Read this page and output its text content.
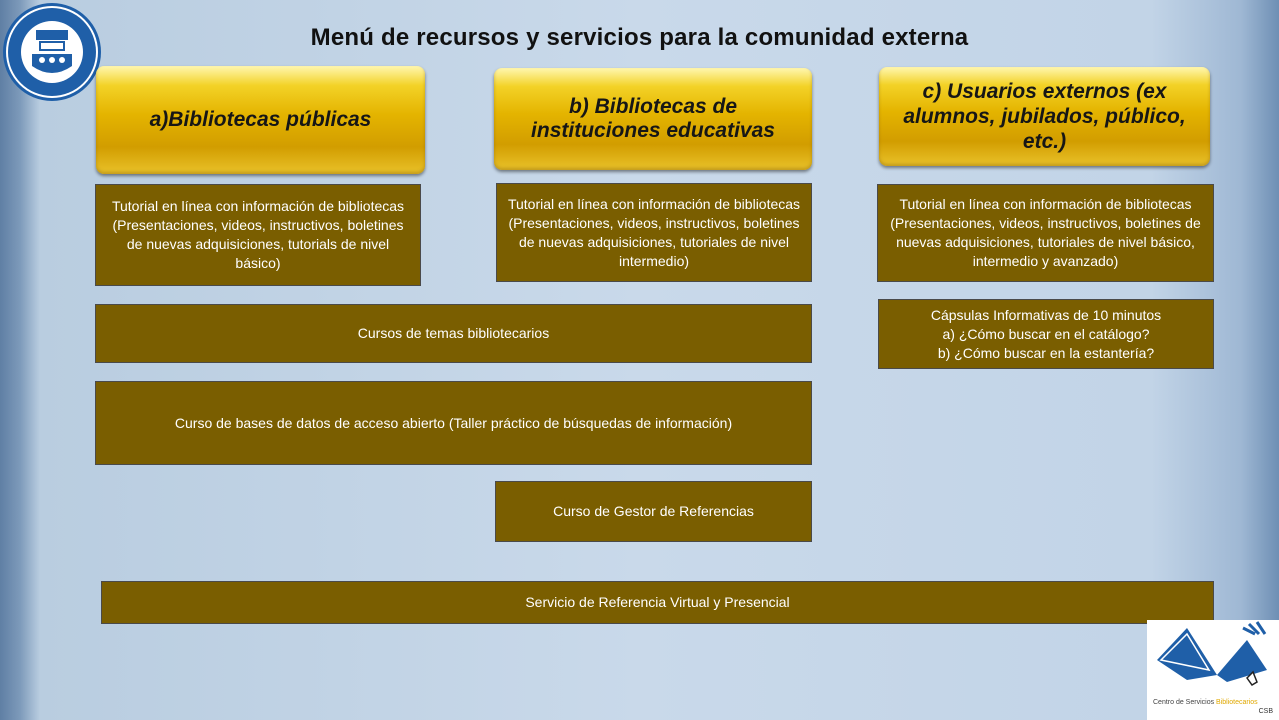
Menú de recursos y servicios para la comunidad externa
a)Bibliotecas públicas
b) Bibliotecas de instituciones educativas
c) Usuarios externos (ex alumnos, jubilados, público, etc.)
Tutorial en línea con información de bibliotecas (Presentaciones, videos, instructivos, boletines de nuevas adquisiciones, tutorials de nivel básico)
Tutorial en línea con información de bibliotecas (Presentaciones, videos, instructivos, boletines de nuevas adquisiciones, tutoriales de nivel intermedio)
Tutorial en línea con información de bibliotecas (Presentaciones, videos, instructivos, boletines de nuevas adquisiciones, tutoriales de nivel básico, intermedio y avanzado)
Cápsulas Informativas de 10 minutos
a) ¿Cómo buscar en el catálogo?
b) ¿Cómo buscar en la estantería?
Cursos de temas bibliotecarios
Curso de bases de datos de acceso abierto (Taller práctico de búsquedas de información)
Curso de Gestor de Referencias
Servicio de Referencia Virtual y Presencial
Centro de Servicios Bibliotecarios
CSB
